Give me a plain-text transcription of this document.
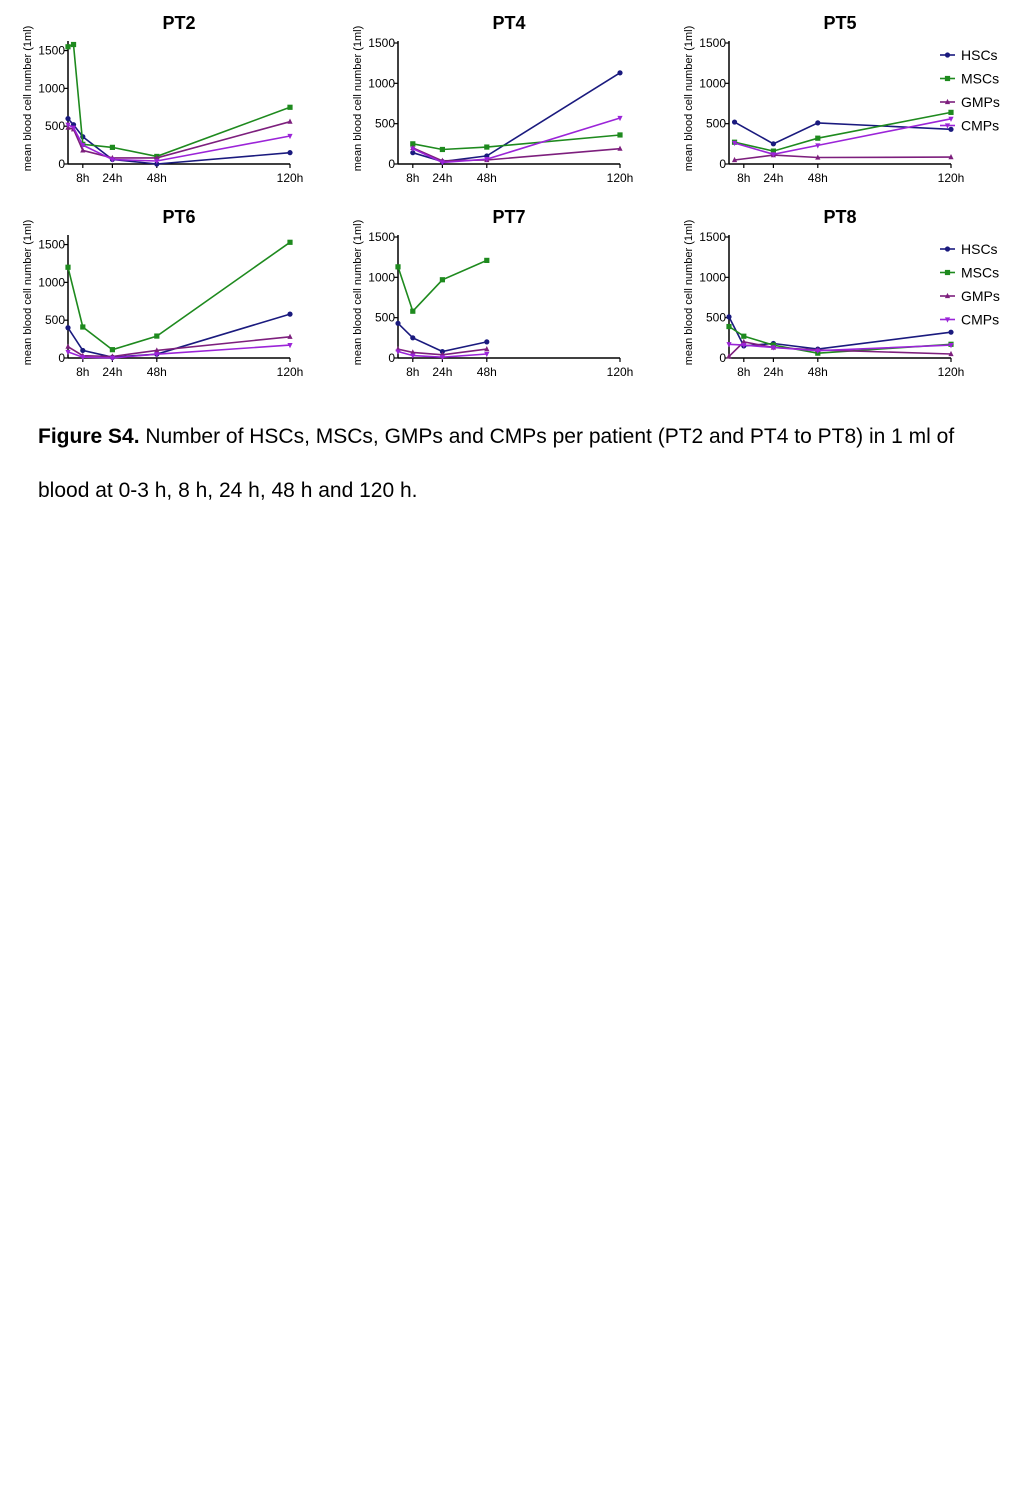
PT2
mean blood cell number (1ml) 0
500
1000
1500
8h 24h 48h	120h
PT4
mean blood cell number (1ml) 0
500
1000
1500
8h 24h 48h	120h
PT5
mean blood cell number (1ml) 0
500
1000
1500
8h 24h 48h	120h
HSCs
MSCs
GMPs
CMPs
PT6
mean blood cell number (1ml) 0
500
1000
1500
8h 24h 48h	120h
PT7
mean blood cell number (1ml) 0
500
1000
1500
8h 24h 48h	120h
PT8
mean blood cell number (1ml) 0
500
1000
1500
8h 24h 48h	120h
HSCs
MSCs
GMPs
CMPs
Figure S4. Number of HSCs, MSCs, GMPs and CMPs per patient (PT2 and PT4 to PT8) in 1 ml of blood at 0-3 h, 8 h, 24 h, 48 h and 120 h.
